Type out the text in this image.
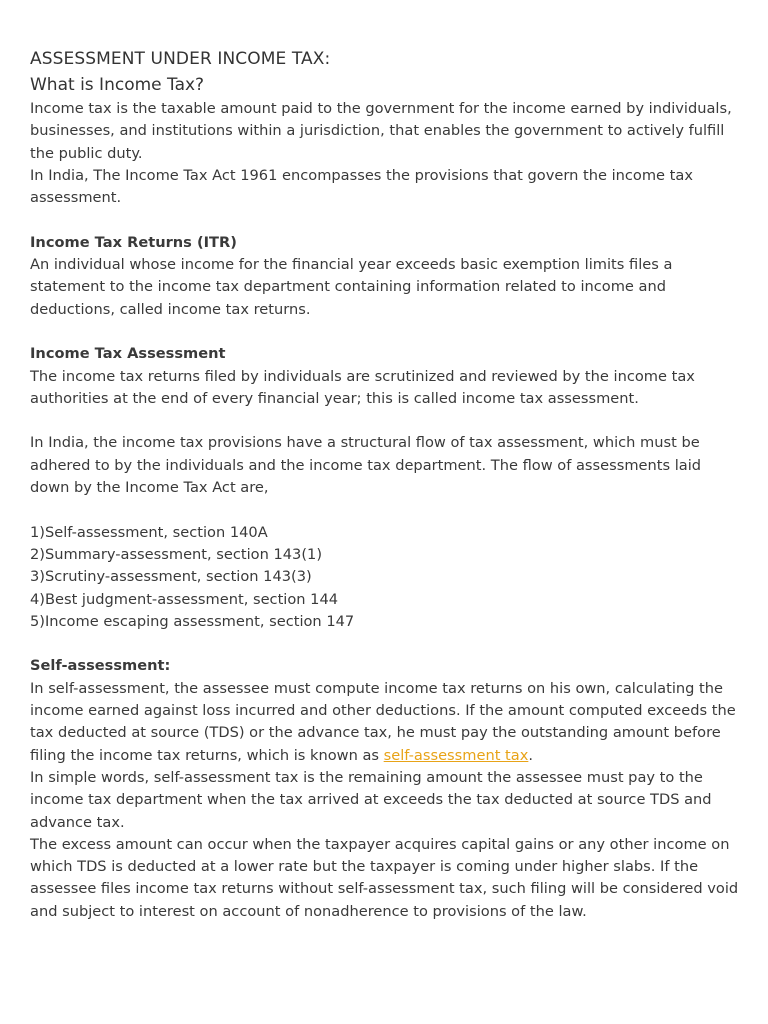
ASSESSMENT UNDER INCOME TAX:
What is Income Tax?

Income tax is the taxable amount paid to the government for the income earned by individuals, businesses, and institutions within a jurisdiction, that enables the government to actively fulfill the public duty.

In India, The Income Tax Act 1961 encompasses the provisions that govern the income tax assessment.

Income Tax Returns (ITR)

An individual whose income for the financial year exceeds basic exemption limits files a statement to the income tax department containing information related to income and deductions, called income tax returns.

Income Tax Assessment

The income tax returns filed by individuals are scrutinized and reviewed by the income tax authorities at the end of every financial year; this is called income tax assessment.

In India, the income tax provisions have a structural flow of tax assessment, which must be adhered to by the individuals and the income tax department. The flow of assessments laid down by the Income Tax Act are,

1)Self-assessment, section 140A

2)Summary-assessment, section 143(1)

3)Scrutiny-assessment, section 143(3)

4)Best judgment-assessment, section 144

5)Income escaping assessment, section 147

Self-assessment:

In self-assessment, the assessee must compute income tax returns on his own, calculating the income earned against loss incurred and other deductions. If the amount computed exceeds the tax deducted at source (TDS) or the advance tax, he must pay the outstanding amount before filing the income tax returns, which is known as self-assessment tax.

In simple words, self-assessment tax is the remaining amount the assessee must pay to the income tax department when the tax arrived at exceeds the tax deducted at source TDS and advance tax.

The excess amount can occur when the taxpayer acquires capital gains or any other income on which TDS is deducted at a lower rate but the taxpayer is coming under higher slabs. If the assessee files income tax returns without self-assessment tax, such filing will be considered void and subject to interest on account of nonadherence to provisions of the law.
